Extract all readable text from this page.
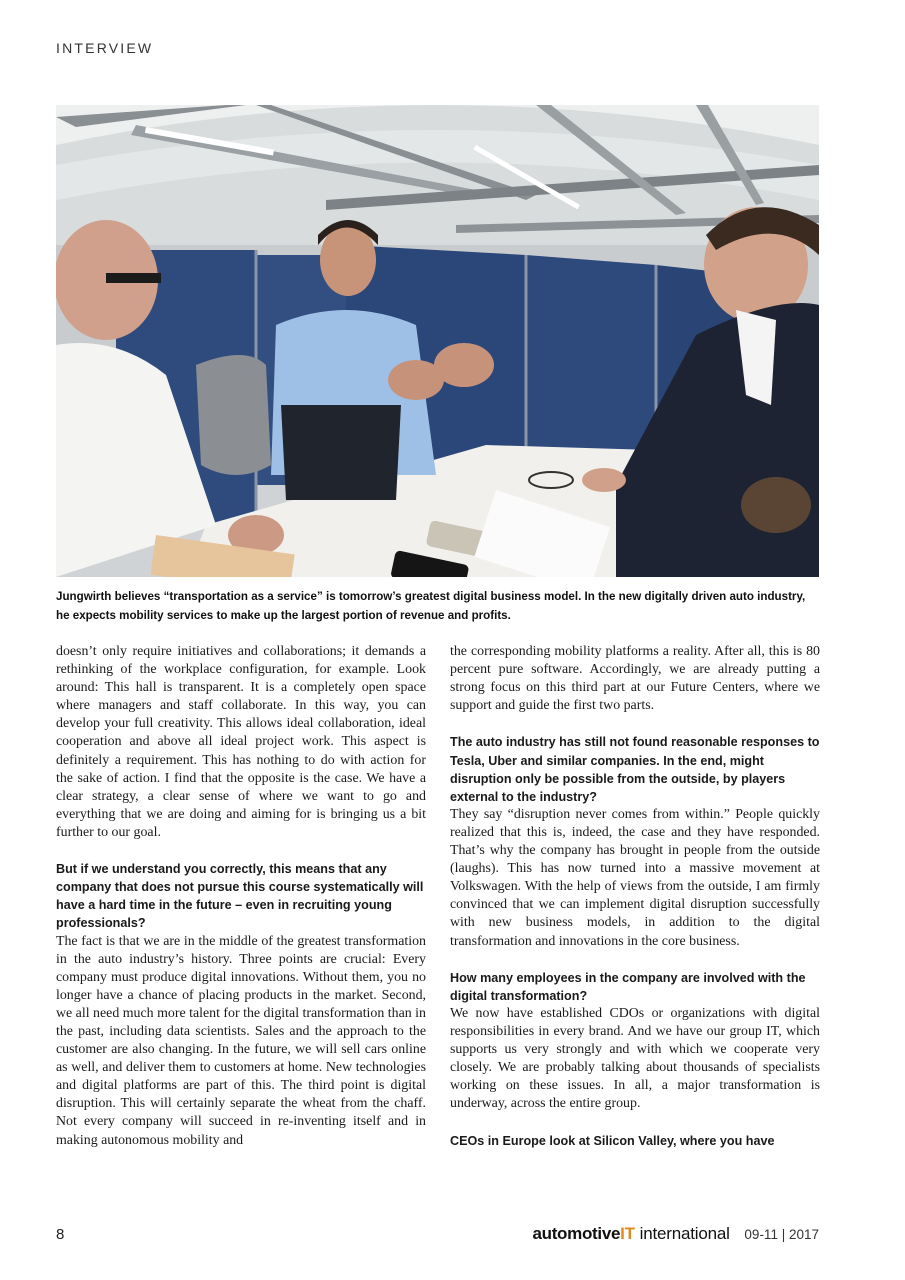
INTERVIEW
Jungwirth believes “transportation as a service” is tomorrow’s greatest digital business model. In the new digitally driven auto industry, he expects mobility services to make up the largest portion of revenue and profits.

doesn’t only require initiatives and collaborations; it demands a rethinking of the workplace configuration, for example. Look around: This hall is transparent. It is a completely open space where managers and staff collaborate. In this way, you can develop your full creativity. This allows ideal collaboration, ideal cooperation and above all ideal project work. This aspect is definitely a requirement. This has nothing to do with action for the sake of action. I find that the opposite is the case. We have a clear strategy, a clear sense of where we want to go and everything that we are doing and aiming for is bringing us a bit further to our goal.

But if we understand you correctly, this means that any company that does not pursue this course systematically will have a hard time in the future – even in recruiting young professionals?

The fact is that we are in the middle of the greatest transformation in the auto industry’s history. Three points are crucial: Every company must produce digital innovations. Without them, you no longer have a chance of placing products in the market. Second, we all need much more talent for the digital transformation than in the past, including data scientists. Sales and the approach to the customer are also changing. In the future, we will sell cars online as well, and deliver them to customers at home. New technologies and digital platforms are part of this. The third point is digital disruption. This will certainly separate the wheat from the chaff. Not every company will succeed in re-inventing itself and in making autonomous mobility and

the corresponding mobility platforms a reality. After all, this is 80 percent pure software. Accordingly, we are already putting a strong focus on this third part at our Future Centers, where we support and guide the first two parts.

The auto industry has still not found reasonable responses to Tesla, Uber and similar companies. In the end, might disruption only be possible from the outside, by players external to the industry?

They say “disruption never comes from within.” People quickly realized that this is, indeed, the case and they have responded. That’s why the company has brought in people from the outside (laughs). This has now turned into a massive movement at Volkswagen. With the help of views from the outside, I am firmly convinced that we can implement digital disruption successfully with new business models, in addition to the digital transformation and innovations in the core business.

How many employees in the company are involved with the digital transformation?

We now have established CDOs or organizations with digital responsibilities in every brand. And we have our group IT, which supports us very strongly and with which we cooperate very closely. We are probably talking about thousands of specialists working on these issues. In all, a major transformation is underway, across the entire group.

CEOs in Europe look at Silicon Valley, where you have

8	automotiveIT international 09-11 | 2017
